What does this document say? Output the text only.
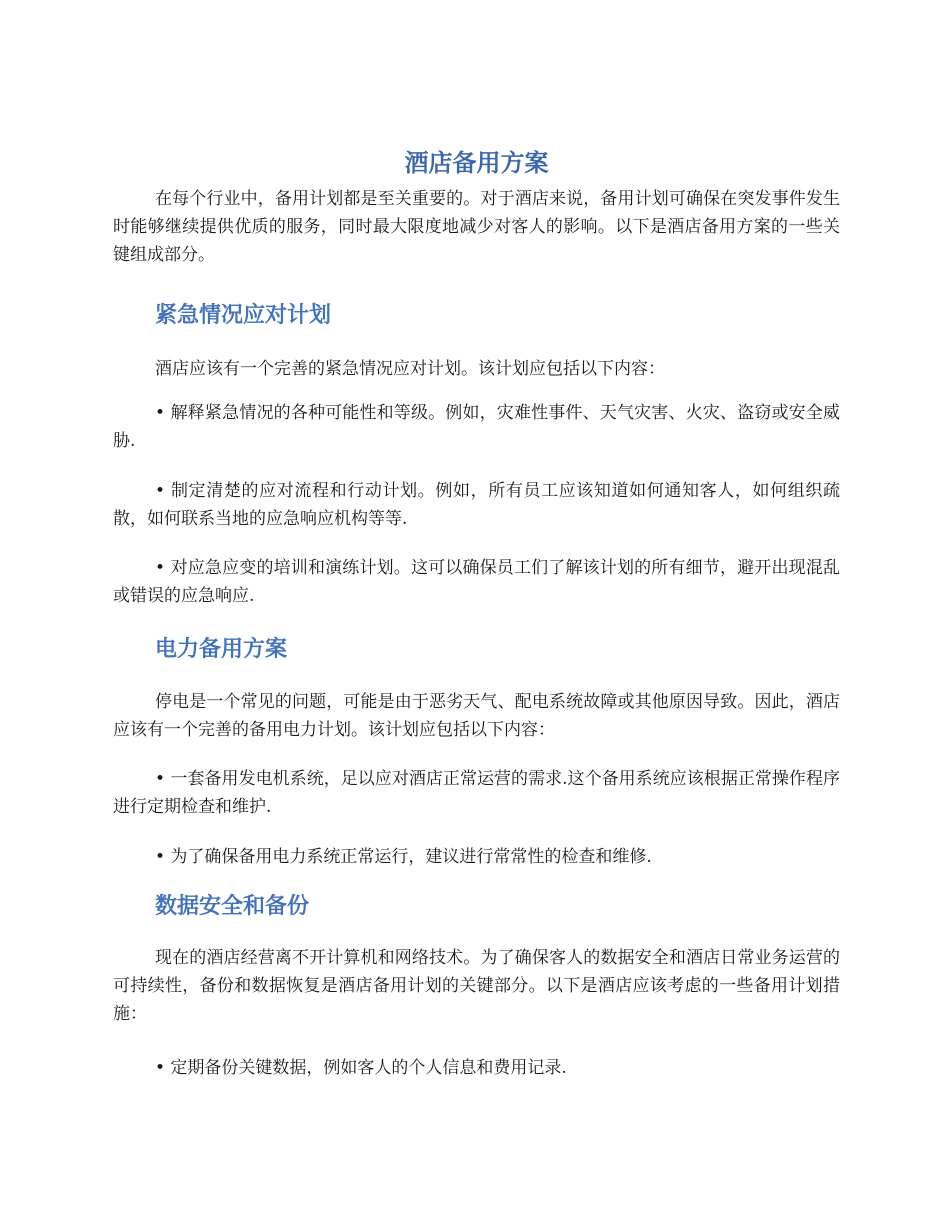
酒店备用方案

在每个行业中，备用计划都是至关重要的。对于酒店来说，备用计划可确保在突发事件发生时能够继续提供优质的服务，同时最大限度地减少对客人的影响。以下是酒店备用方案的一些关键组成部分。

紧急情况应对计划

酒店应该有一个完善的紧急情况应对计划。该计划应包括以下内容：

• 解释紧急情况的各种可能性和等级。例如，灾难性事件、天气灾害、火灾、盗窃或安全威胁.

• 制定清楚的应对流程和行动计划。例如，所有员工应该知道如何通知客人，如何组织疏散，如何联系当地的应急响应机构等等.

• 对应急应变的培训和演练计划。这可以确保员工们了解该计划的所有细节，避开出现混乱或错误的应急响应.

电力备用方案

停电是一个常见的问题，可能是由于恶劣天气、配电系统故障或其他原因导致。因此，酒店应该有一个完善的备用电力计划。该计划应包括以下内容：

• 一套备用发电机系统，足以应对酒店正常运营的需求.这个备用系统应该根据正常操作程序进行定期检查和维护.

• 为了确保备用电力系统正常运行，建议进行常常性的检查和维修.

数据安全和备份

现在的酒店经营离不开计算机和网络技术。为了确保客人的数据安全和酒店日常业务运营的可持续性，备份和数据恢复是酒店备用计划的关键部分。以下是酒店应该考虑的一些备用计划措施：

• 定期备份关键数据，例如客人的个人信息和费用记录.
